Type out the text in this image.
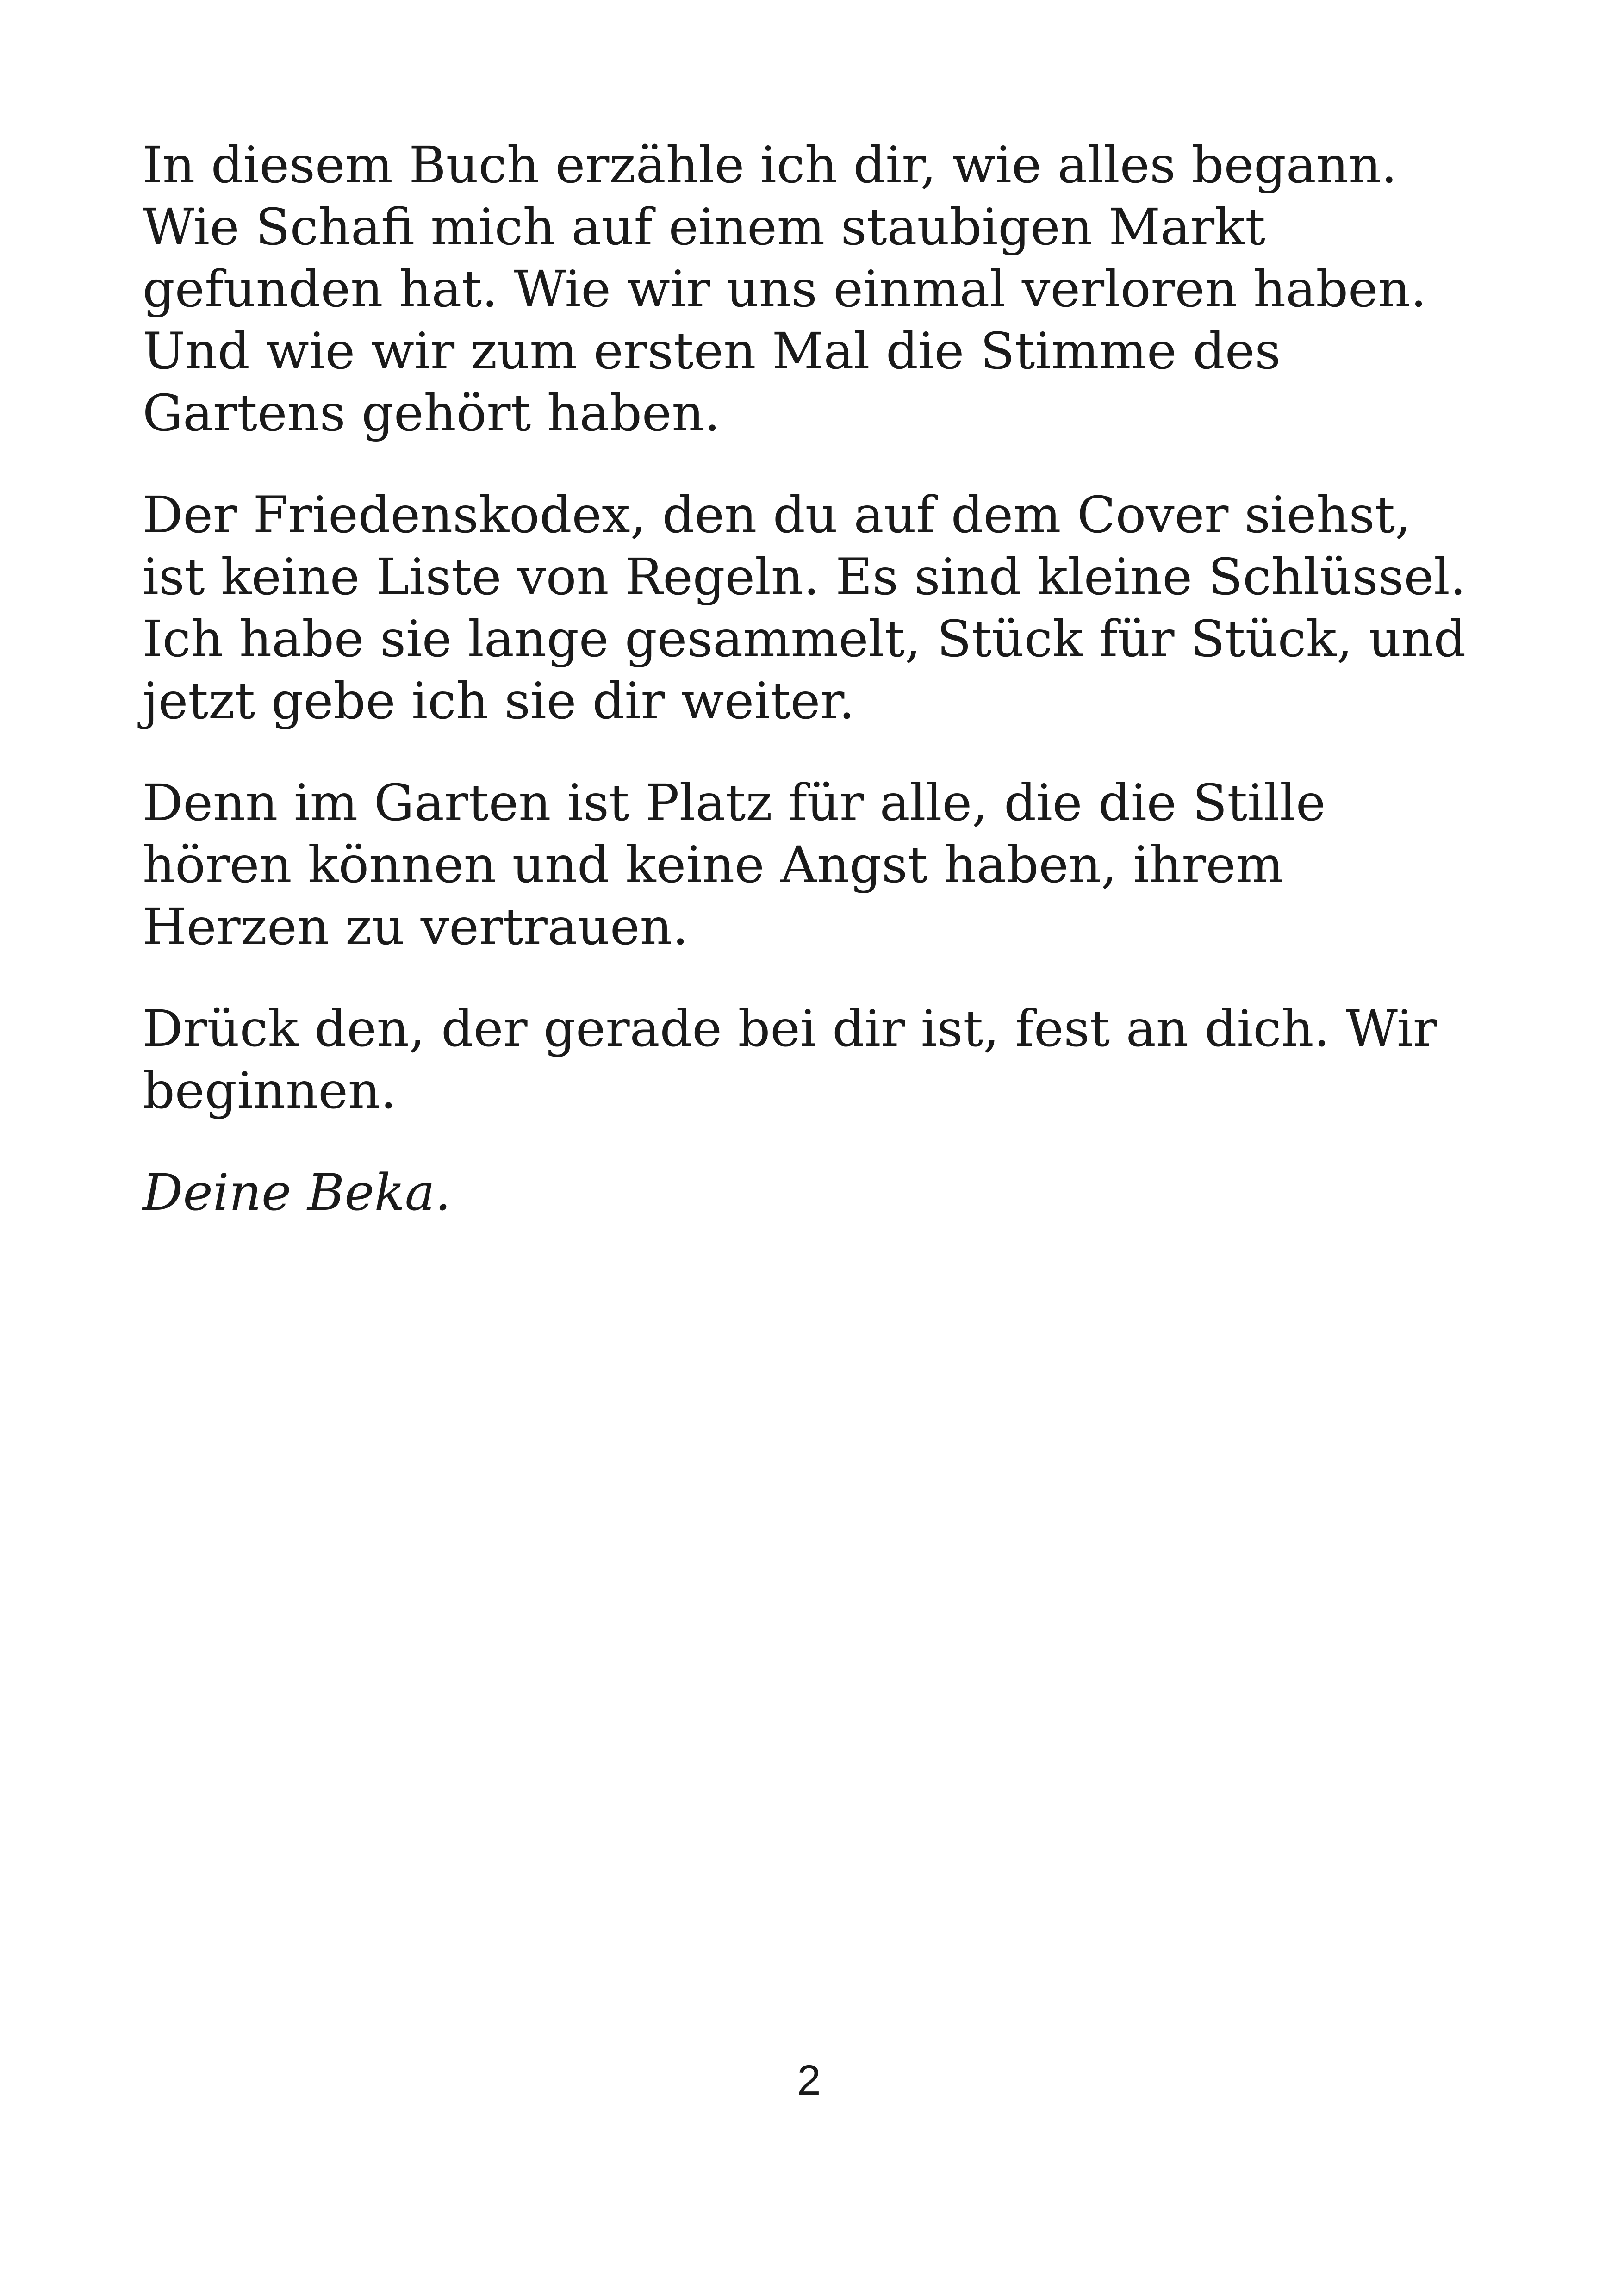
In diesem Buch erzähle ich dir, wie alles begann. Wie Schafi mich auf einem staubigen Markt gefunden hat. Wie wir uns einmal verloren haben. Und wie wir zum ersten Mal die Stimme des Gartens gehört haben.

Der Friedenskodex, den du auf dem Cover siehst, ist keine Liste von Regeln. Es sind kleine Schlüssel. Ich habe sie lange gesammelt, Stück für Stück, und jetzt gebe ich sie dir weiter.

Denn im Garten ist Platz für alle, die die Stille hören können und keine Angst haben, ihrem Herzen zu vertrauen.

Drück den, der gerade bei dir ist, fest an dich. Wir beginnen.

Deine Beka.

2
